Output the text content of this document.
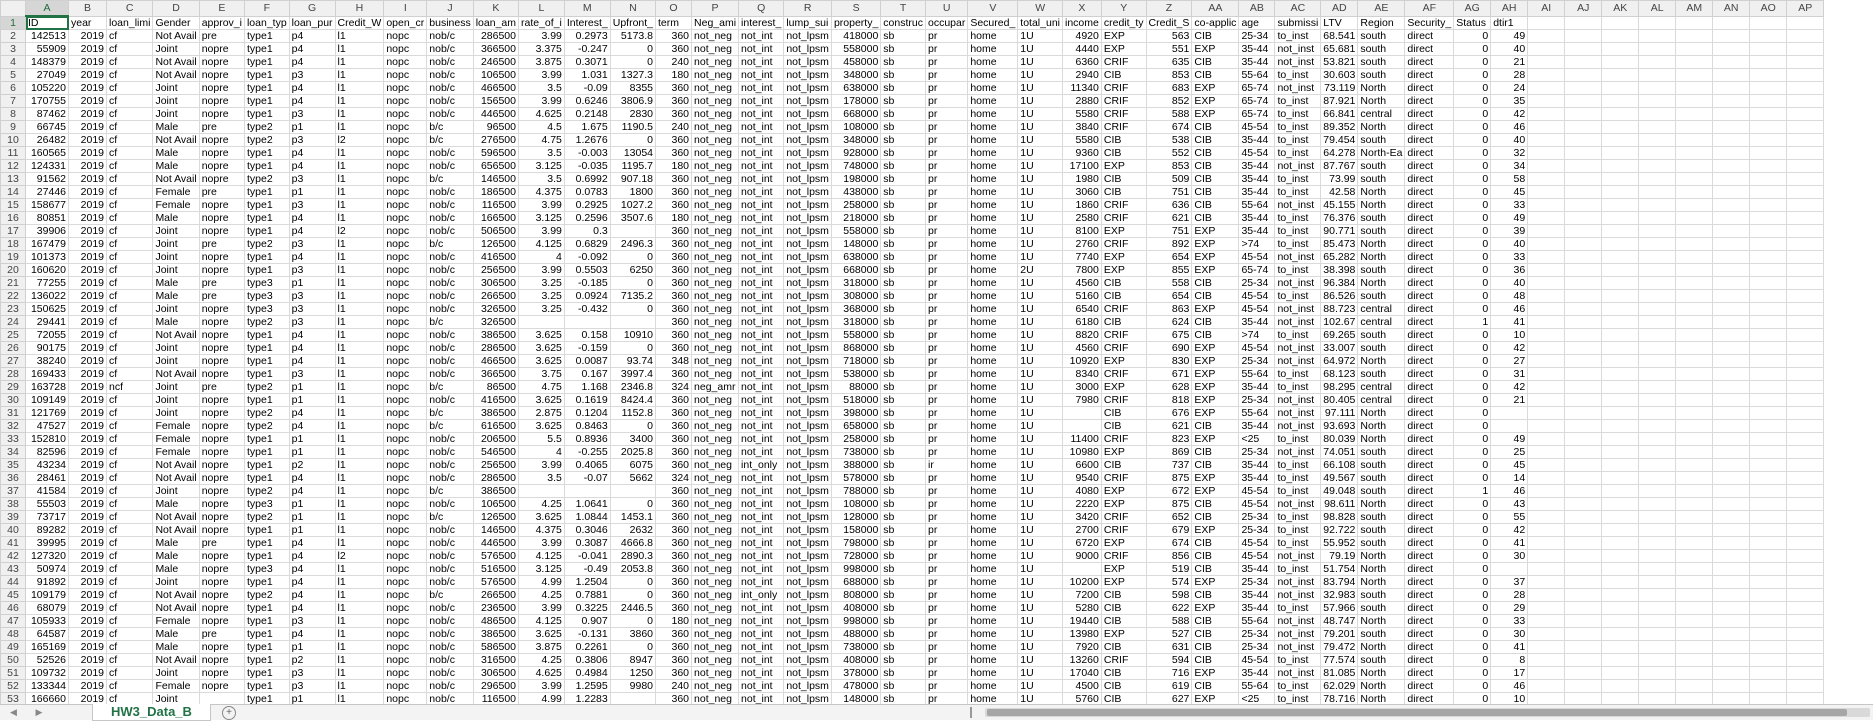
	A	B	C	D	E	F	G	H	I	J	K	L	M	N	O	P	Q	R	S	T	U	V	W	X	Y	Z	AA	AB	AC	AD	AE	AF	AG	AH	AI	AJ	AK	AL	AM	AN	AO	AP
1	ID	year	loan_limi	Gender	approv_i	loan_typ	loan_pur	Credit_W	open_cr	business	loan_am	rate_of_i	Interest_	Upfront_	term	Neg_ami	interest_	lump_sui	property_	construc	occupar	Secured_	total_uni	income	credit_ty	Credit_S	co-applic	age	submissi	LTV	Region	Security_	Status	dtir1								
2	142513	2019	cf	Not Avail	pre	type1	p4	l1	nopc	nob/c	286500	3.99	0.2973	5173.8	360	not_neg	not_int	not_lpsm	418000	sb	pr	home	1U	4920	EXP	563	CIB	25-34	to_inst	68.541	south	direct	0	49								
3	55909	2019	cf	Joint	nopre	type1	p4	l1	nopc	nob/c	366500	3.375	-0.247	0	360	not_neg	not_int	not_lpsm	558000	sb	pr	home	1U	4440	EXP	551	EXP	35-44	not_inst	65.681	south	direct	0	40								
4	148379	2019	cf	Not Avail	nopre	type1	p4	l1	nopc	nob/c	246500	3.875	0.3071	0	240	not_neg	not_int	not_lpsm	458000	sb	pr	home	1U	6360	CRIF	635	CIB	35-44	not_inst	53.821	south	direct	0	21								
5	27049	2019	cf	Not Avail	nopre	type1	p3	l1	nopc	nob/c	106500	3.99	1.031	1327.3	180	not_neg	not_int	not_lpsm	348000	sb	pr	home	1U	2940	CIB	853	CIB	55-64	to_inst	30.603	south	direct	0	28								
6	105220	2019	cf	Joint	nopre	type1	p4	l1	nopc	nob/c	466500	3.5	-0.09	8355	360	not_neg	not_int	not_lpsm	638000	sb	pr	home	1U	11340	CRIF	683	EXP	65-74	not_inst	73.119	North	direct	0	24								
7	170755	2019	cf	Joint	nopre	type1	p4	l1	nopc	nob/c	156500	3.99	0.6246	3806.9	360	not_neg	not_int	not_lpsm	178000	sb	pr	home	1U	2880	CRIF	852	EXP	65-74	to_inst	87.921	North	direct	0	35								
8	87462	2019	cf	Joint	nopre	type1	p3	l1	nopc	nob/c	446500	4.625	0.2148	2830	360	not_neg	not_int	not_lpsm	668000	sb	pr	home	1U	5580	CRIF	588	EXP	65-74	to_inst	66.841	central	direct	0	42								
9	66745	2019	cf	Male	pre	type2	p1	l1	nopc	b/c	96500	4.5	1.675	1190.5	240	not_neg	not_int	not_lpsm	108000	sb	pr	home	1U	3840	CRIF	674	CIB	45-54	to_inst	89.352	North	direct	0	46								
10	26482	2019	cf	Not Avail	nopre	type2	p3	l2	nopc	b/c	276500	4.75	1.2676	0	360	not_neg	not_int	not_lpsm	348000	sb	pr	home	1U	5580	CIB	538	CIB	35-44	to_inst	79.454	south	direct	0	40								
11	160565	2019	cf	Male	nopre	type1	p4	l1	nopc	nob/c	596500	3.5	-0.003	13054	360	not_neg	not_int	not_lpsm	928000	sb	pr	home	1U	9360	CIB	552	CIB	45-54	to_inst	64.278	North-Ea	direct	0	32								
12	124331	2019	cf	Male	nopre	type1	p4	l1	nopc	nob/c	656500	3.125	-0.035	1195.7	180	not_neg	not_int	not_lpsm	748000	sb	pr	home	1U	17100	EXP	853	CIB	35-44	not_inst	87.767	south	direct	0	34								
13	91562	2019	cf	Not Avail	nopre	type2	p3	l1	nopc	b/c	146500	3.5	0.6992	907.18	360	not_neg	not_int	not_lpsm	198000	sb	pr	home	1U	1980	CIB	509	CIB	35-44	to_inst	73.99	south	direct	0	58								
14	27446	2019	cf	Female	pre	type1	p1	l1	nopc	nob/c	186500	4.375	0.0783	1800	360	not_neg	not_int	not_lpsm	438000	sb	pr	home	1U	3060	CIB	751	CIB	35-44	to_inst	42.58	North	direct	0	45								
15	158677	2019	cf	Female	nopre	type1	p3	l1	nopc	nob/c	116500	3.99	0.2925	1027.2	360	not_neg	not_int	not_lpsm	258000	sb	pr	home	1U	1860	CRIF	636	CIB	55-64	not_inst	45.155	North	direct	0	33								
16	80851	2019	cf	Male	nopre	type1	p4	l1	nopc	nob/c	166500	3.125	0.2596	3507.6	180	not_neg	not_int	not_lpsm	218000	sb	pr	home	1U	2580	CRIF	621	CIB	35-44	to_inst	76.376	south	direct	0	49								
17	39906	2019	cf	Joint	nopre	type1	p4	l2	nopc	nob/c	506500	3.99	0.3		360	not_neg	not_int	not_lpsm	558000	sb	pr	home	1U	8100	EXP	751	EXP	35-44	to_inst	90.771	south	direct	0	39								
18	167479	2019	cf	Joint	pre	type2	p3	l1	nopc	b/c	126500	4.125	0.6829	2496.3	360	not_neg	not_int	not_lpsm	148000	sb	pr	home	1U	2760	CRIF	892	EXP	>74	to_inst	85.473	North	direct	0	40								
19	101373	2019	cf	Joint	nopre	type1	p4	l1	nopc	nob/c	416500	4	-0.092	0	360	not_neg	not_int	not_lpsm	638000	sb	pr	home	1U	7740	EXP	654	EXP	45-54	not_inst	65.282	North	direct	0	33								
20	160620	2019	cf	Joint	nopre	type1	p3	l1	nopc	nob/c	256500	3.99	0.5503	6250	360	not_neg	not_int	not_lpsm	668000	sb	pr	home	2U	7800	EXP	855	EXP	65-74	to_inst	38.398	south	direct	0	36								
21	77255	2019	cf	Male	pre	type3	p1	l1	nopc	nob/c	306500	3.25	-0.185	0	360	not_neg	not_int	not_lpsm	318000	sb	pr	home	1U	4560	CIB	558	CIB	25-34	not_inst	96.384	North	direct	0	40								
22	136022	2019	cf	Male	pre	type3	p3	l1	nopc	nob/c	266500	3.25	0.0924	7135.2	360	not_neg	not_int	not_lpsm	308000	sb	pr	home	1U	5160	CIB	654	CIB	45-54	to_inst	86.526	south	direct	0	48								
23	150625	2019	cf	Joint	nopre	type3	p3	l1	nopc	nob/c	326500	3.25	-0.432	0	360	not_neg	not_int	not_lpsm	368000	sb	pr	home	1U	6540	CRIF	863	EXP	45-54	not_inst	88.723	central	direct	0	46								
24	29441	2019	cf	Male	nopre	type2	p3	l1	nopc	b/c	326500				360	not_neg	not_int	not_lpsm	318000	sb	pr	home	1U	6180	CIB	624	CIB	35-44	not_inst	102.67	central	direct	1	41								
25	72055	2019	cf	Not Avail	nopre	type1	p4	l1	nopc	nob/c	386500	3.625	0.158	10910	360	not_neg	not_int	not_lpsm	558000	sb	pr	home	1U	8820	CRIF	675	CIB	>74	to_inst	69.265	south	direct	0	10								
26	90175	2019	cf	Joint	nopre	type1	p4	l1	nopc	nob/c	286500	3.625	-0.159	0	360	not_neg	not_int	not_lpsm	868000	sb	pr	home	1U	4560	CRIF	690	EXP	45-54	not_inst	33.007	south	direct	0	42								
27	38240	2019	cf	Joint	nopre	type1	p4	l1	nopc	nob/c	466500	3.625	0.0087	93.74	348	not_neg	not_int	not_lpsm	718000	sb	pr	home	1U	10920	EXP	830	EXP	25-34	not_inst	64.972	North	direct	0	27								
28	169433	2019	cf	Not Avail	nopre	type1	p3	l1	nopc	nob/c	366500	3.75	0.167	3997.4	360	not_neg	not_int	not_lpsm	538000	sb	pr	home	1U	8340	CRIF	671	EXP	55-64	to_inst	68.123	south	direct	0	31								
29	163728	2019	ncf	Joint	pre	type2	p1	l1	nopc	b/c	86500	4.75	1.168	2346.8	324	neg_amr	not_int	not_lpsm	88000	sb	pr	home	1U	3000	EXP	628	EXP	35-44	to_inst	98.295	central	direct	0	42								
30	109149	2019	cf	Joint	nopre	type1	p1	l1	nopc	nob/c	416500	3.625	0.1619	8424.4	360	not_neg	not_int	not_lpsm	518000	sb	pr	home	1U	7980	CRIF	818	EXP	25-34	not_inst	80.405	central	direct	0	21								
31	121769	2019	cf	Joint	nopre	type2	p4	l1	nopc	b/c	386500	2.875	0.1204	1152.8	360	not_neg	not_int	not_lpsm	398000	sb	pr	home	1U		CIB	676	EXP	55-64	not_inst	97.111	North	direct	0									
32	47527	2019	cf	Female	nopre	type2	p4	l1	nopc	b/c	616500	3.625	0.8463	0	360	not_neg	not_int	not_lpsm	658000	sb	pr	home	1U		CIB	621	CIB	35-44	not_inst	93.693	North	direct	0									
33	152810	2019	cf	Female	nopre	type1	p1	l1	nopc	nob/c	206500	5.5	0.8936	3400	360	not_neg	not_int	not_lpsm	258000	sb	pr	home	1U	11400	CRIF	823	EXP	<25	to_inst	80.039	North	direct	0	49								
34	82596	2019	cf	Female	nopre	type1	p1	l1	nopc	nob/c	546500	4	-0.255	2025.8	360	not_neg	not_int	not_lpsm	738000	sb	pr	home	1U	10980	EXP	869	CIB	25-34	not_inst	74.051	south	direct	0	25								
35	43234	2019	cf	Not Avail	nopre	type1	p2	l1	nopc	nob/c	256500	3.99	0.4065	6075	360	not_neg	int_only	not_lpsm	388000	sb	ir	home	1U	6600	CIB	737	CIB	35-44	to_inst	66.108	south	direct	0	45								
36	28461	2019	cf	Not Avail	nopre	type1	p4	l1	nopc	nob/c	286500	3.5	-0.07	5662	324	not_neg	not_int	not_lpsm	578000	sb	pr	home	1U	9540	CRIF	875	EXP	35-44	to_inst	49.567	south	direct	0	14								
37	41584	2019	cf	Joint	nopre	type2	p4	l1	nopc	b/c	386500				360	not_neg	not_int	not_lpsm	788000	sb	pr	home	1U	4080	EXP	672	EXP	45-54	to_inst	49.048	south	direct	1	46								
38	55503	2019	cf	Male	nopre	type3	p1	l1	nopc	nob/c	106500	4.25	1.0641	0	360	not_neg	not_int	not_lpsm	108000	sb	pr	home	1U	2220	EXP	875	CIB	45-54	not_inst	98.611	North	direct	0	43								
39	73717	2019	cf	Not Avail	nopre	type2	p1	l1	nopc	b/c	126500	3.625	1.0844	1453.1	360	not_neg	not_int	not_lpsm	128000	sb	pr	home	1U	3420	CRIF	652	CIB	25-34	to_inst	98.828	south	direct	0	55								
40	89282	2019	cf	Not Avail	nopre	type1	p1	l1	nopc	nob/c	146500	4.375	0.3046	2632	360	not_neg	not_int	not_lpsm	158000	sb	pr	home	1U	2700	CRIF	679	EXP	25-34	to_inst	92.722	south	direct	0	42								
41	39995	2019	cf	Male	pre	type1	p4	l1	nopc	nob/c	446500	3.99	0.3087	4666.8	360	not_neg	not_int	not_lpsm	798000	sb	pr	home	1U	6720	EXP	674	CIB	45-54	to_inst	55.952	south	direct	0	41								
42	127320	2019	cf	Male	nopre	type1	p4	l2	nopc	nob/c	576500	4.125	-0.041	2890.3	360	not_neg	not_int	not_lpsm	728000	sb	pr	home	1U	9000	CRIF	856	CIB	45-54	not_inst	79.19	North	direct	0	30								
43	50974	2019	cf	Male	nopre	type3	p4	l1	nopc	nob/c	516500	3.125	-0.49	2053.8	360	not_neg	not_int	not_lpsm	998000	sb	pr	home	1U		EXP	519	CIB	35-44	to_inst	51.754	North	direct	0									
44	91892	2019	cf	Joint	nopre	type1	p4	l1	nopc	nob/c	576500	4.99	1.2504	0	360	not_neg	not_int	not_lpsm	688000	sb	pr	home	1U	10200	EXP	574	EXP	25-34	not_inst	83.794	North	direct	0	37								
45	109179	2019	cf	Not Avail	nopre	type2	p4	l1	nopc	b/c	266500	4.25	0.7881	0	360	not_neg	int_only	not_lpsm	808000	sb	pr	home	1U	7200	CIB	598	CIB	35-44	not_inst	32.983	south	direct	0	28								
46	68079	2019	cf	Not Avail	nopre	type1	p4	l1	nopc	nob/c	236500	3.99	0.3225	2446.5	360	not_neg	not_int	not_lpsm	408000	sb	pr	home	1U	5280	CIB	622	EXP	35-44	to_inst	57.966	south	direct	0	29								
47	105933	2019	cf	Female	nopre	type1	p3	l1	nopc	nob/c	486500	4.125	0.907	0	180	not_neg	not_int	not_lpsm	998000	sb	pr	home	1U	19440	CIB	588	CIB	55-64	not_inst	48.747	North	direct	0	33								
48	64587	2019	cf	Male	pre	type1	p4	l1	nopc	nob/c	386500	3.625	-0.131	3860	360	not_neg	not_int	not_lpsm	488000	sb	pr	home	1U	13980	EXP	527	CIB	25-34	not_inst	79.201	south	direct	0	30								
49	165169	2019	cf	Male	nopre	type1	p1	l1	nopc	nob/c	586500	3.875	0.2261	0	360	not_neg	not_int	not_lpsm	738000	sb	pr	home	1U	7920	CIB	631	CIB	25-34	not_inst	79.472	North	direct	0	41								
50	52526	2019	cf	Not Avail	nopre	type1	p2	l1	nopc	nob/c	316500	4.25	0.3806	8947	360	not_neg	not_int	not_lpsm	408000	sb	pr	home	1U	13260	CRIF	594	CIB	45-54	to_inst	77.574	south	direct	0	8								
51	109732	2019	cf	Joint	nopre	type1	p3	l1	nopc	nob/c	306500	4.625	0.4984	1250	360	not_neg	not_int	not_lpsm	378000	sb	pr	home	1U	17040	CIB	716	EXP	35-44	not_inst	81.085	North	direct	0	17								
52	133344	2019	cf	Female	nopre	type1	p3	l1	nopc	nob/c	296500	3.99	1.2595	9980	240	not_neg	not_int	not_lpsm	478000	sb	pr	home	1U	4500	CIB	619	CIB	55-64	to_inst	62.029	North	direct	0	46								
53	166660	2019	cf	Joint		type1	p1	l1	nopc	nob/c	116500	4.99	1.2283		360	not_neg	not_int	not_lpsm	148000	sb	pr	home	1U	5760	CIB	627	EXP	<25	to_inst	78.716	North	direct	0	10								
◀ ▶	HW3_Data_B	+
